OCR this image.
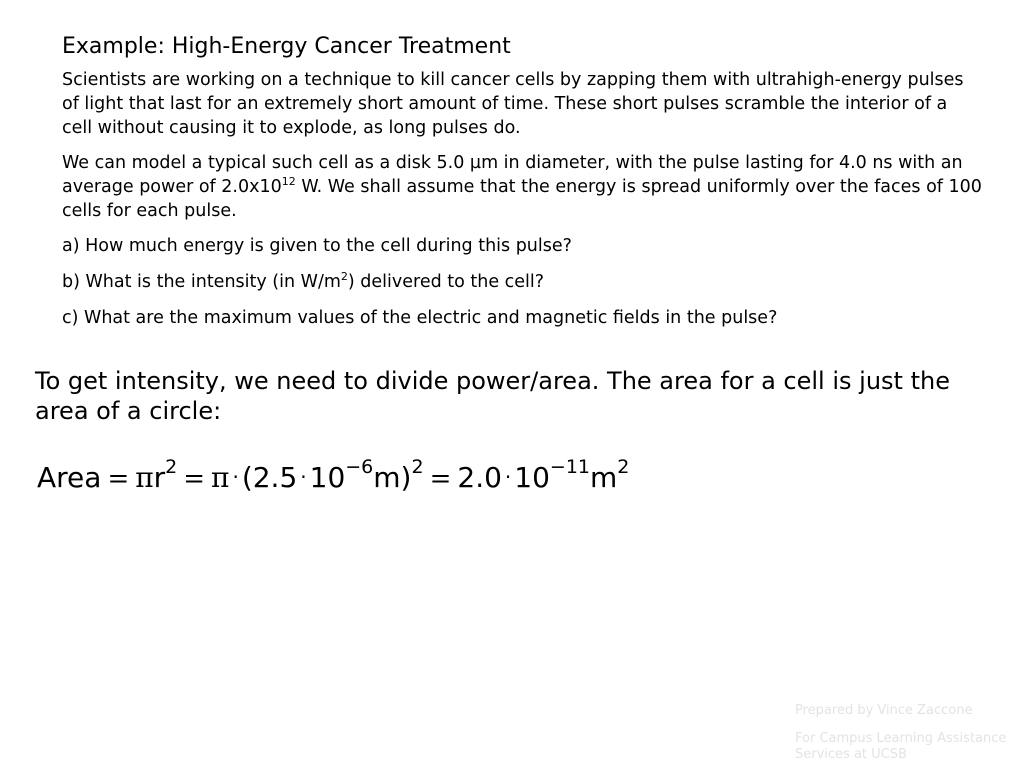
Example: High-Energy Cancer Treatment

Scientists are working on a technique to kill cancer cells by zapping them with ultrahigh-energy pulses of light that last for an extremely short amount of time. These short pulses scramble the interior of a cell without causing it to explode, as long pulses do.

We can model a typical such cell as a disk 5.0 µm in diameter, with the pulse lasting for 4.0 ns with an average power of $2.0x10^{12}$ W. We shall assume that the energy is spread uniformly over the faces of 100 cells for each pulse.

a) How much energy is given to the cell during this pulse?

b) What is the intensity (in $W/m^2$) delivered to the cell?

c) What are the maximum values of the electric and magnetic fields in the pulse?

To get intensity, we need to divide power/area. The area for a cell is just the area of a circle:
Area = $\pi r^2 = \pi \cdot (2.5 \cdot 10^{-6}m)^2 = 2.0 \cdot 10^{-11}m^2$
Prepared by Vince Zaccone
For Campus Learning Assistance Services at UCSB
